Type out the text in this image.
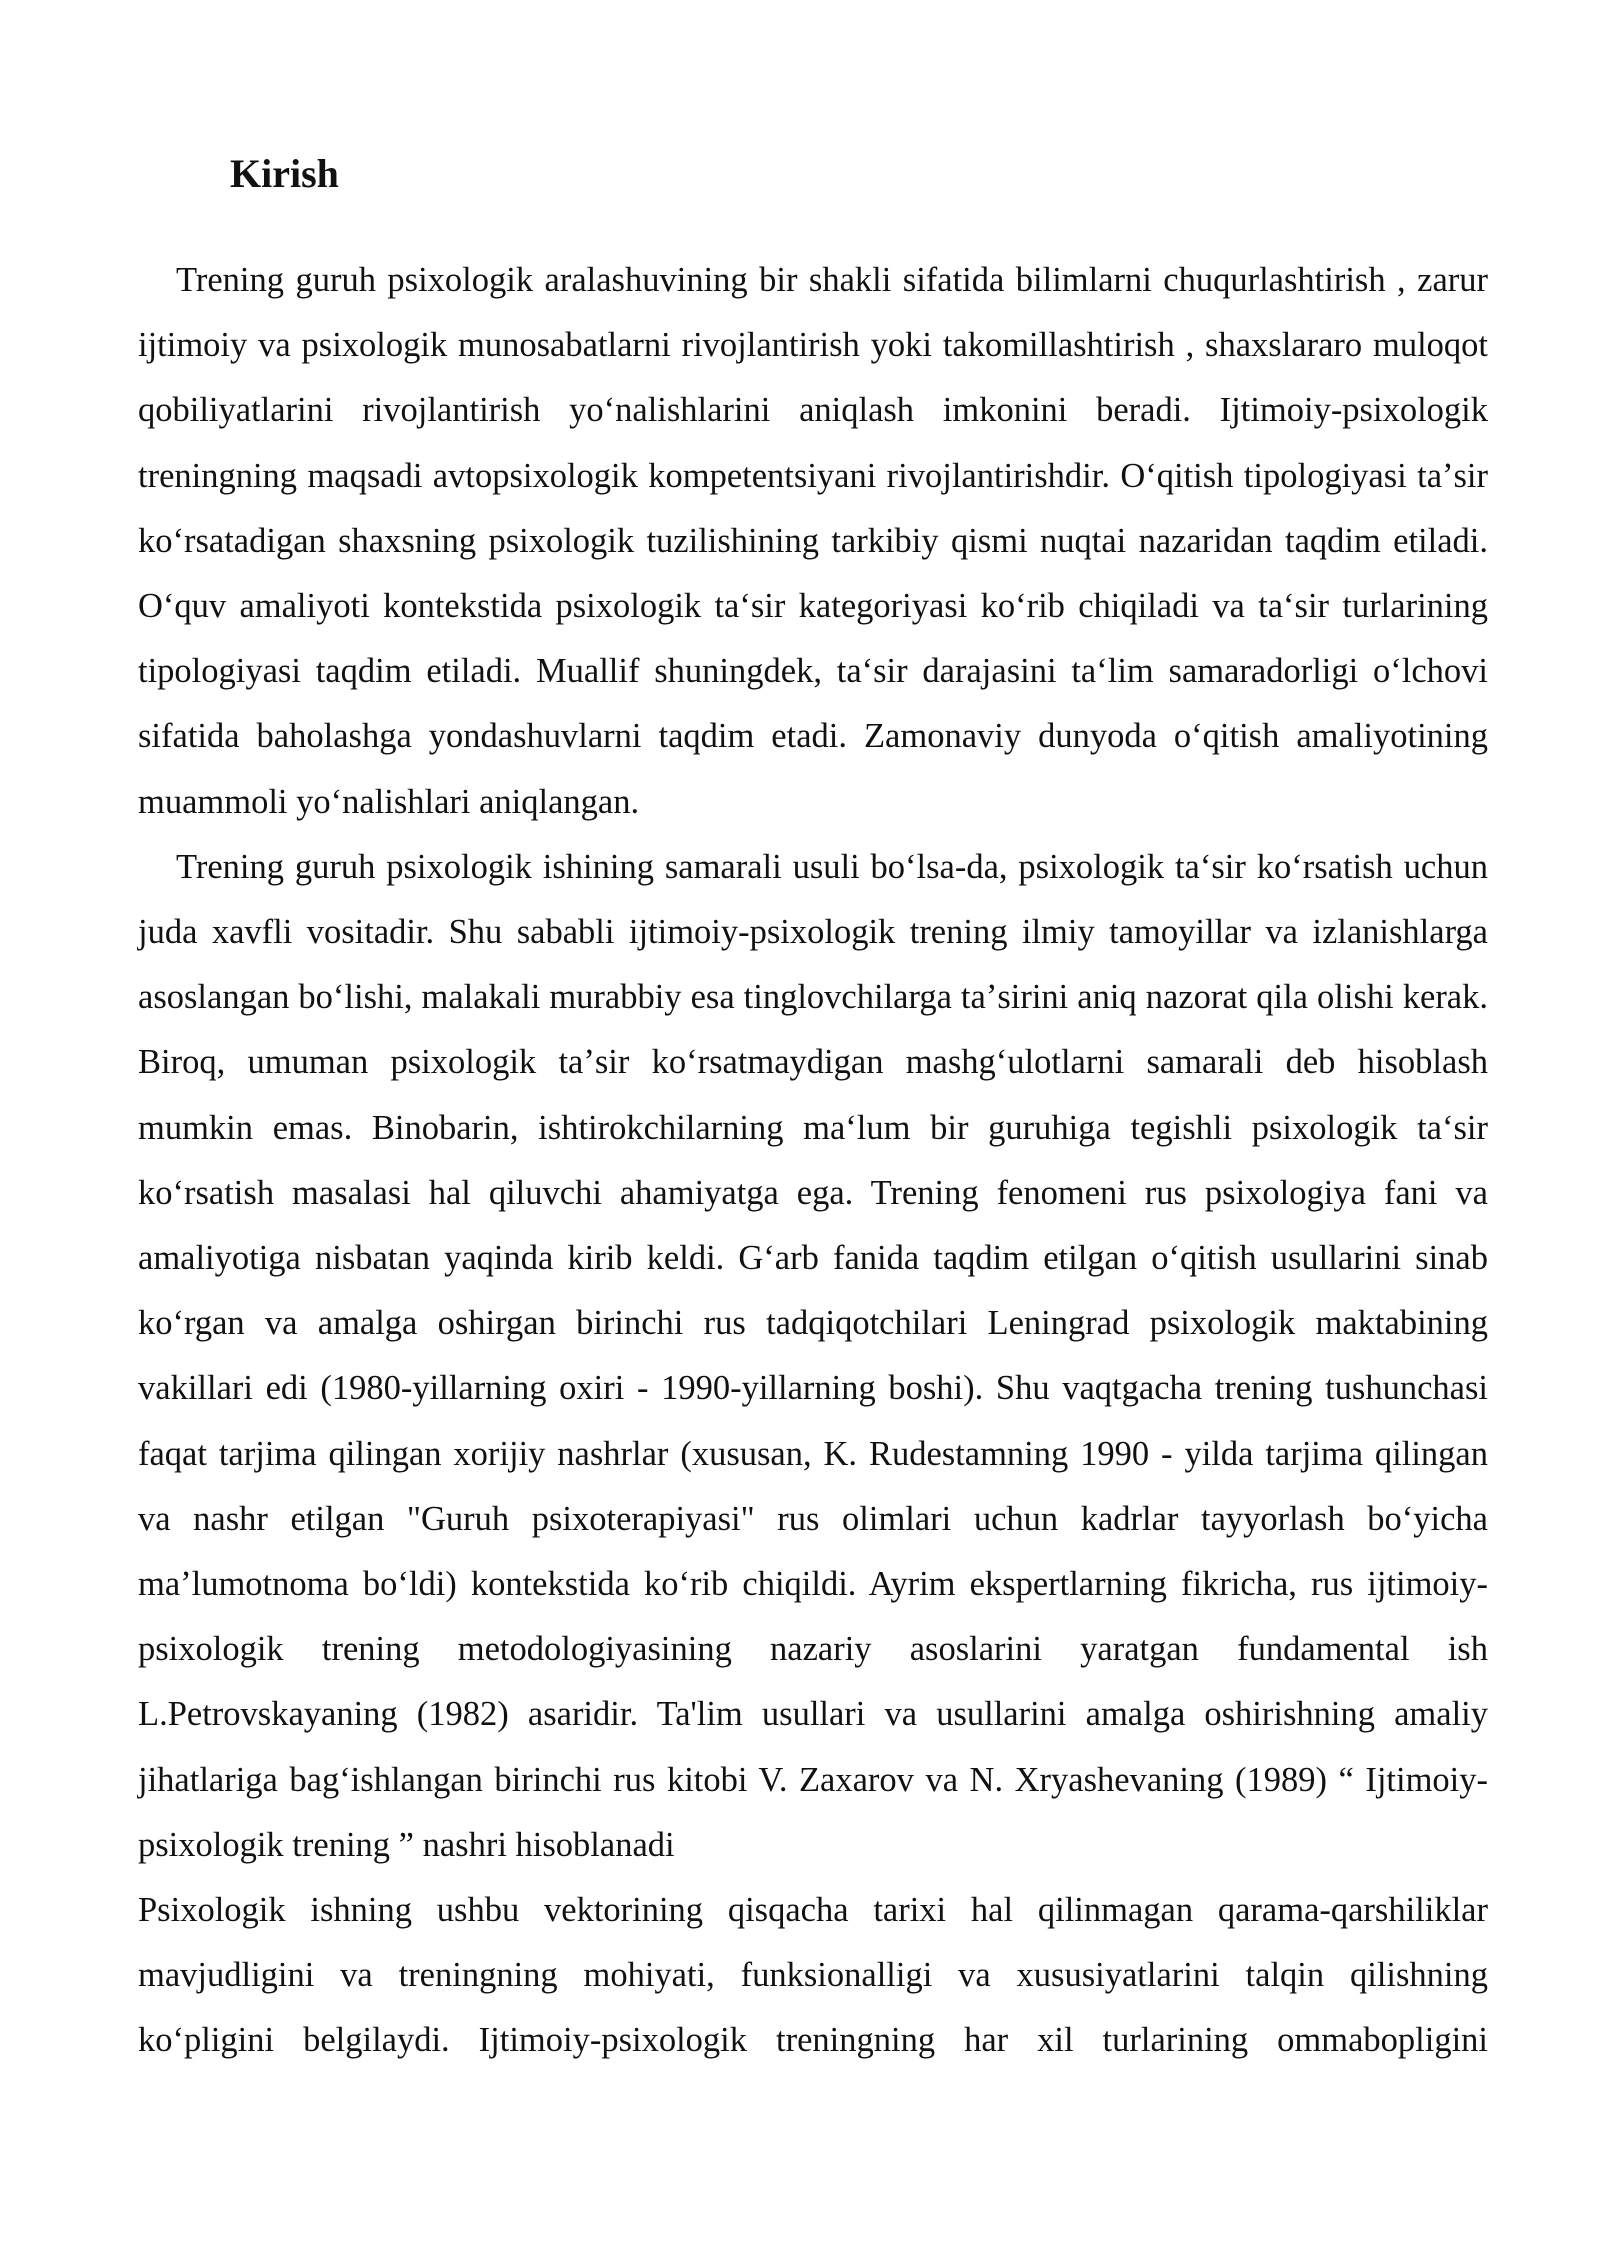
Kirish

Trening guruh psixologik aralashuvining bir shakli sifatida bilimlarni chuqurlashtirish , zarur ijtimoiy va psixologik munosabatlarni rivojlantirish yoki takomillashtirish , shaxslararo muloqot qobiliyatlarini rivojlantirish yoʻnalishlarini aniqlash imkonini beradi. Ijtimoiy-psixologik treningning maqsadi avtopsixologik kompetentsiyani rivojlantirishdir. Oʻqitish tipologiyasi taʼsir koʻrsatadigan shaxsning psixologik tuzilishining tarkibiy qismi nuqtai nazaridan taqdim etiladi. Oʻquv amaliyoti kontekstida psixologik taʻsir kategoriyasi koʻrib chiqiladi va taʻsir turlarining tipologiyasi taqdim etiladi. Muallif shuningdek, taʻsir darajasini taʻlim samaradorligi oʻlchovi sifatida baholashga yondashuvlarni taqdim etadi. Zamonaviy dunyoda oʻqitish amaliyotining muammoli yoʻnalishlari aniqlangan.

Trening guruh psixologik ishining samarali usuli boʻlsa-da, psixologik taʻsir koʻrsatish uchun juda xavfli vositadir. Shu sababli ijtimoiy-psixologik trening ilmiy tamoyillar va izlanishlarga asoslangan boʻlishi, malakali murabbiy esa tinglovchilarga taʼsirini aniq nazorat qila olishi kerak. Biroq, umuman psixologik taʼsir koʻrsatmaydigan mashgʻulotlarni samarali deb hisoblash mumkin emas. Binobarin, ishtirokchilarning maʻlum bir guruhiga tegishli psixologik taʻsir koʻrsatish masalasi hal qiluvchi ahamiyatga ega. Trening fenomeni rus psixologiya fani va amaliyotiga nisbatan yaqinda kirib keldi. Gʻarb fanida taqdim etilgan oʻqitish usullarini sinab koʻrgan va amalga oshirgan birinchi rus tadqiqotchilari Leningrad psixologik maktabining vakillari edi (1980-yillarning oxiri - 1990-yillarning boshi). Shu vaqtgacha trening tushunchasi faqat tarjima qilingan xorijiy nashrlar (xususan, K. Rudestamning 1990 - yilda tarjima qilingan va nashr etilgan "Guruh psixoterapiyasi" rus olimlari uchun kadrlar tayyorlash boʻyicha maʼlumotnoma boʻldi) kontekstida koʻrib chiqildi. Ayrim ekspertlarning fikricha, rus ijtimoiy-psixologik trening metodologiyasining nazariy asoslarini yaratgan fundamental ish L.Petrovskayaning (1982) asaridir. Ta'lim usullari va usullarini amalga oshirishning amaliy jihatlariga bagʻishlangan birinchi rus kitobi V. Zaxarov va N. Xryashevaning (1989) “ Ijtimoiy-psixologik trening ” nashri hisoblanadi

Psixologik ishning ushbu vektorining qisqacha tarixi hal qilinmagan qarama-qarshiliklar mavjudligini va treningning mohiyati, funksionalligi va xususiyatlarini talqin qilishning koʻpligini belgilaydi. Ijtimoiy-psixologik treningning har xil turlarining ommabopligini
